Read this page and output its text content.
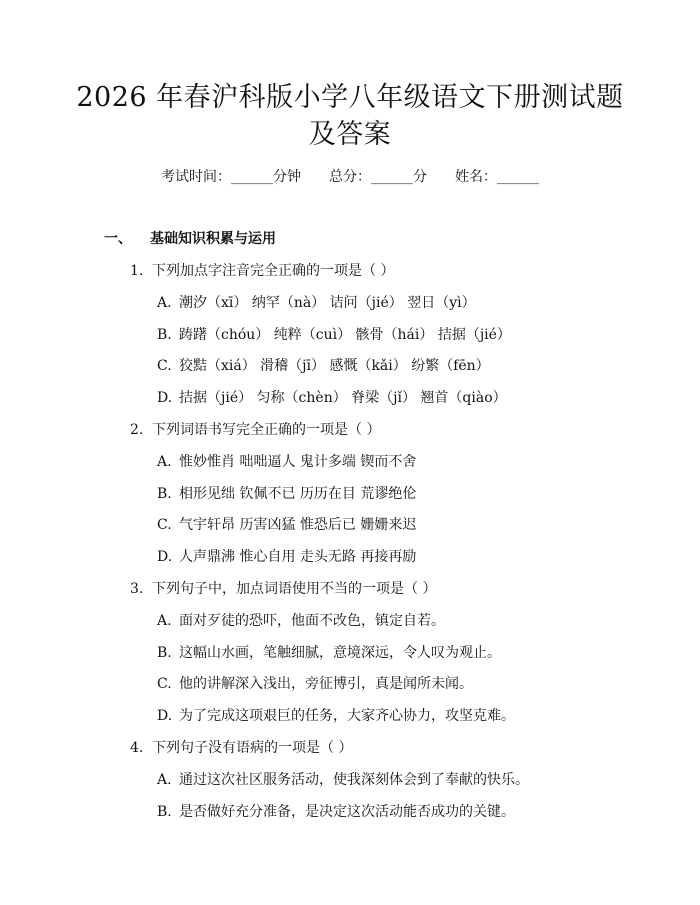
2026 年春沪科版小学八年级语文下册测试题
及答案
考试时间：______分钟 总分：______分 姓名：______
一、 基础知识积累与运用
1. 下列加点字注音完全正确的一项是（ ）
A. 潮汐（xī） 纳罕（nà） 诘问（jié） 翌日（yì）
B. 踌躇（chóu） 纯粹（cuì） 骸骨（hái） 拮据（jié）
C. 狡黠（xiá） 滑稽（jī） 感慨（kǎi） 纷繁（fēn）
D. 拮据（jié） 匀称（chèn） 脊梁（jǐ） 翘首（qiào）
2. 下列词语书写完全正确的一项是（ ）
A. 惟妙惟肖 咄咄逼人 鬼计多端 锲而不舍
B. 相形见绌 钦佩不已 历历在目 荒谬绝伦
C. 气宇轩昂 历害凶猛 惟恐后已 姗姗来迟
D. 人声鼎沸 惟心自用 走头无路 再接再励
3. 下列句子中，加点词语使用不当的一项是（ ）
A. 面对歹徒的恐吓，他面不改色，镇定自若。
B. 这幅山水画，笔触细腻，意境深远，令人叹为观止。
C. 他的讲解深入浅出，旁征博引，真是闻所未闻。
D. 为了完成这项艰巨的任务，大家齐心协力，攻坚克难。
4. 下列句子没有语病的一项是（ ）
A. 通过这次社区服务活动，使我深刻体会到了奉献的快乐。
B. 是否做好充分准备，是决定这次活动能否成功的关键。
